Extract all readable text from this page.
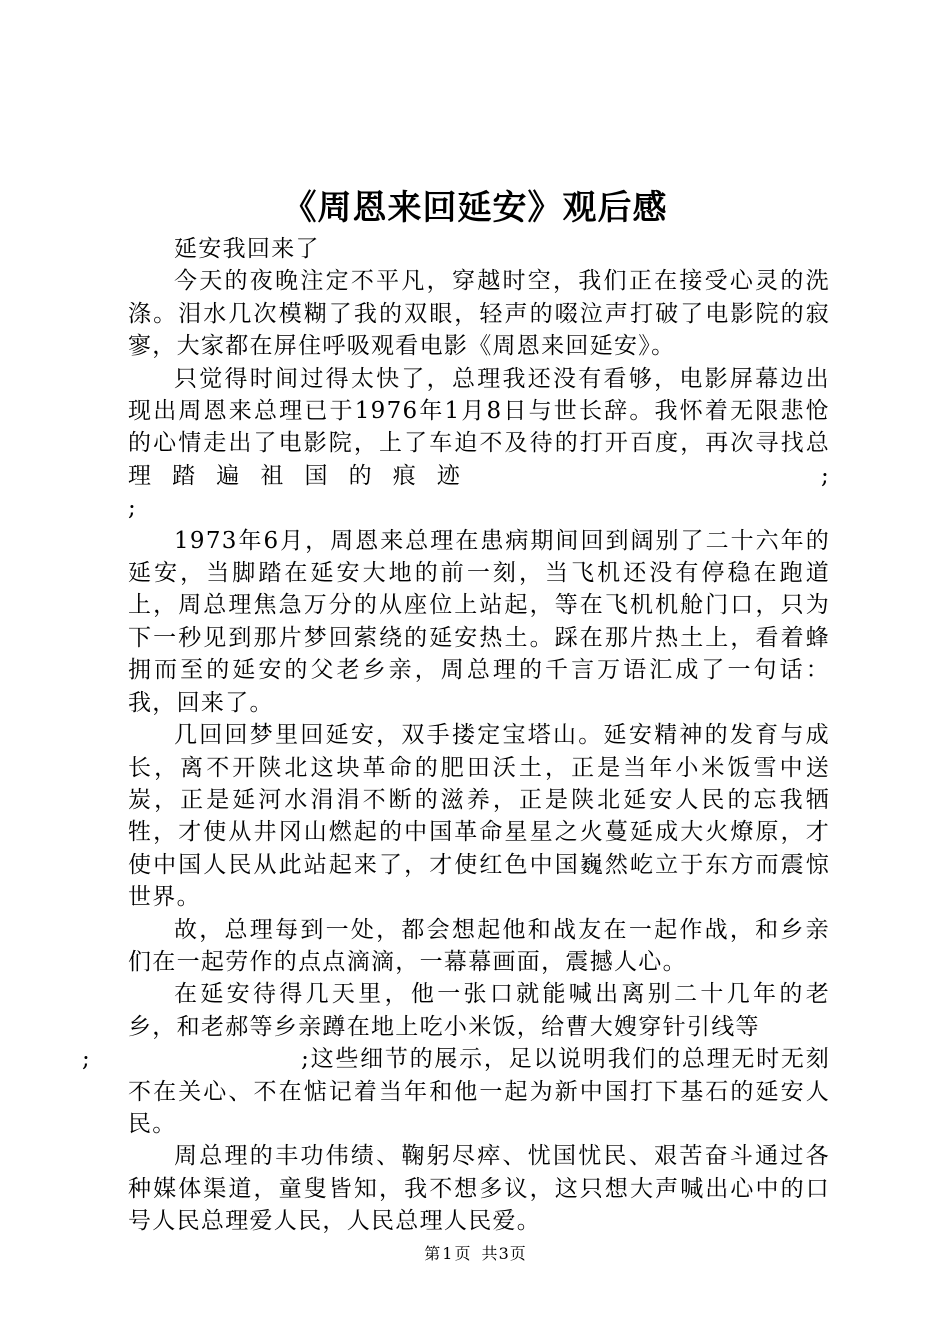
《周恩来回延安》观后感

延安我回来了

今天的夜晚注定不平凡，穿越时空，我们正在接受心灵的洗涤。泪水几次模糊了我的双眼，轻声的啜泣声打破了电影院的寂寥，大家都在屏住呼吸观看电影《周恩来回延安》。

只觉得时间过得太快了，总理我还没有看够，电影屏幕边出现出周恩来总理已于1976年1月8日与世长辞。我怀着无限悲怆的心情走出了电影院，上了车迫不及待的打开百度，再次寻找总理踏遍祖国的痕迹	;

;

1973年6月，周恩来总理在患病期间回到阔别了二十六年的延安，当脚踏在延安大地的前一刻，当飞机还没有停稳在跑道上，周总理焦急万分的从座位上站起，等在飞机机舱门口，只为下一秒见到那片梦回萦绕的延安热土。踩在那片热土上，看着蜂拥而至的延安的父老乡亲，周总理的千言万语汇成了一句话：我，回来了。

几回回梦里回延安，双手搂定宝塔山。延安精神的发育与成长，离不开陕北这块革命的肥田沃土，正是当年小米饭雪中送炭，正是延河水涓涓不断的滋养，正是陕北延安人民的忘我牺牲，才使从井冈山燃起的中国革命星星之火蔓延成大火燎原，才使中国人民从此站起来了，才使红色中国巍然屹立于东方而震惊世界。

故，总理每到一处，都会想起他和战友在一起作战，和乡亲们在一起劳作的点点滴滴，一幕幕画面，震撼人心。

在延安待得几天里，他一张口就能喊出离别二十几年的老乡，和老郝等乡亲蹲在地上吃小米饭，给曹大嫂穿针引线等
;	;这些细节的展示，足以说明我们的总理无时无刻不在关心、不在惦记着当年和他一起为新中国打下基石的延安人民。

周总理的丰功伟绩、鞠躬尽瘁、忧国忧民、艰苦奋斗通过各种媒体渠道，童叟皆知，我不想多议，这只想大声喊出心中的口号人民总理爱人民，人民总理人民爱。

第 1 页 共3页
